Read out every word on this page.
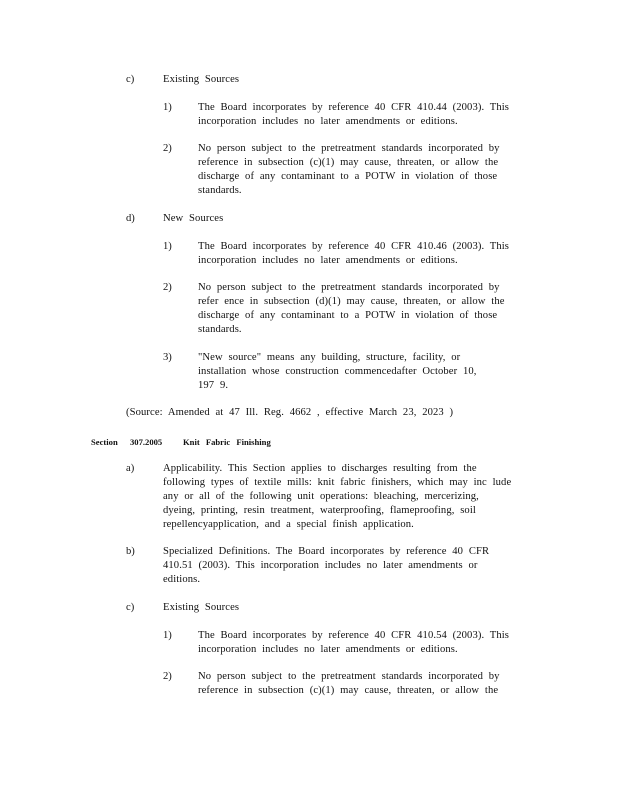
c)	Existing Sources
1) The Board incorporates by reference 40 CFR 410.44 (2003). This
incorporation includes no later amendments or editions.
2) No person subject to the pretreatment standards incorporated by
reference in subsection (c)(1) may cause, threaten, or allow the
discharge of any contaminant to a POTW in violation of those
standards.
d)	New Sources
1) The Board incorporates by reference 40 CFR 410.46 (2003). This
incorporation includes no later amendments or editions.
2) No person subject to the pretreatment standards incorporated by
refer ence in subsection (d)(1) may cause, threaten, or allow the
discharge of any contaminant to a POTW in violation of those
standards.
3) "New source" means any building, structure, facility, or
installation whose construction commencedafter October 10,
197 9.
(Source: Amended at 47 Ill. Reg. 4662 , effective March 23, 2023 )
Section 307.2005 Knit Fabric Finishing
a)	Applicability. This Section applies to discharges resulting from the
following types of textile mills: knit fabric finishers, which may inc lude
any or all of the following unit operations: bleaching, mercerizing,
dyeing, printing, resin treatment, waterproofing, flameproofing, soil
repellencyapplication, and a special finish application.
b)	Specialized Definitions. The Board incorporates by reference 40 CFR
410.51 (2003). This incorporation includes no later amendments or
editions.
c)	Existing Sources
1) The Board incorporates by reference 40 CFR 410.54 (2003). This
incorporation includes no later amendments or editions.
2) No person subject to the pretreatment standards incorporated by
reference in subsection (c)(1) may cause, threaten, or allow the
